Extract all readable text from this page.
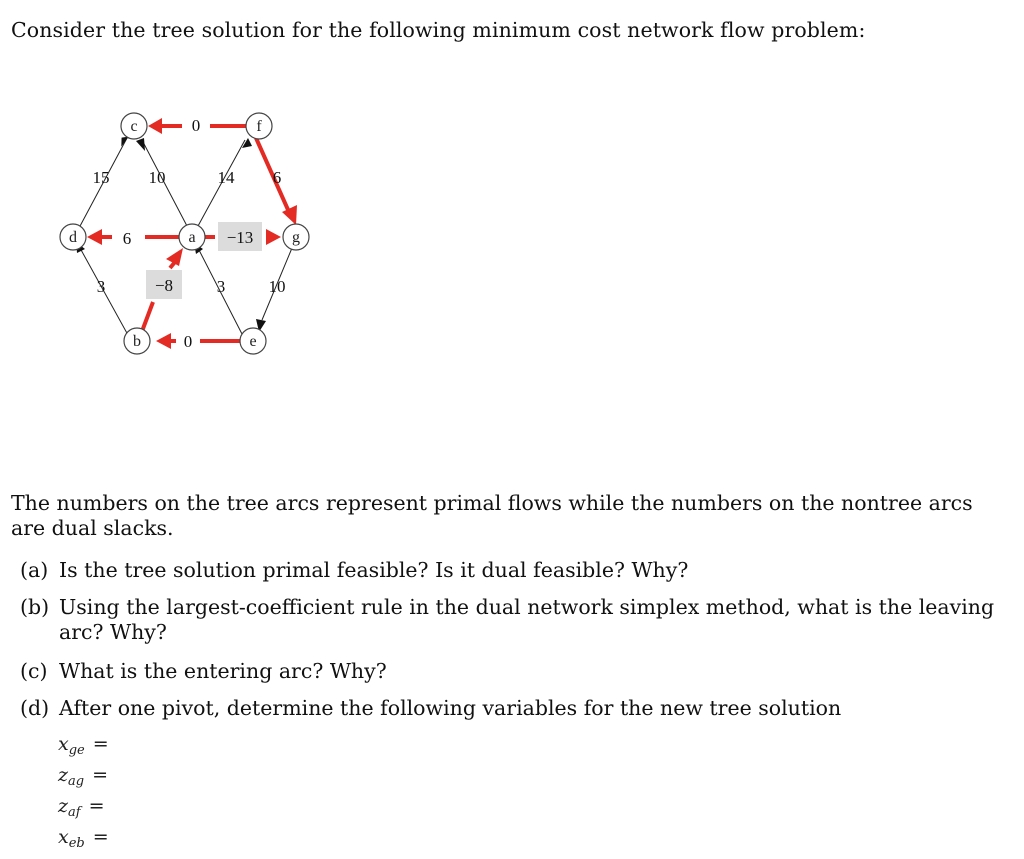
Consider the tree solution for the following minimum cost network flow problem:
0
6
6	−13
−8
0
15 10	14
3	3	10
c	f
d	a	g
b	e
The numbers on the tree arcs represent primal flows while the numbers on the nontree arcs are dual slacks.
(a) Is the tree solution primal feasible? Is it dual feasible? Why?
(b) Using the largest-coefficient rule in the dual network simplex method, what is the leaving arc? Why?
(c) What is the entering arc? Why?
(d) After one pivot, determine the following variables for the new tree solution
$x_{ge}$ =
$z_{ag}$ =
$z_{af}$ =
$x_{eb}$ =
